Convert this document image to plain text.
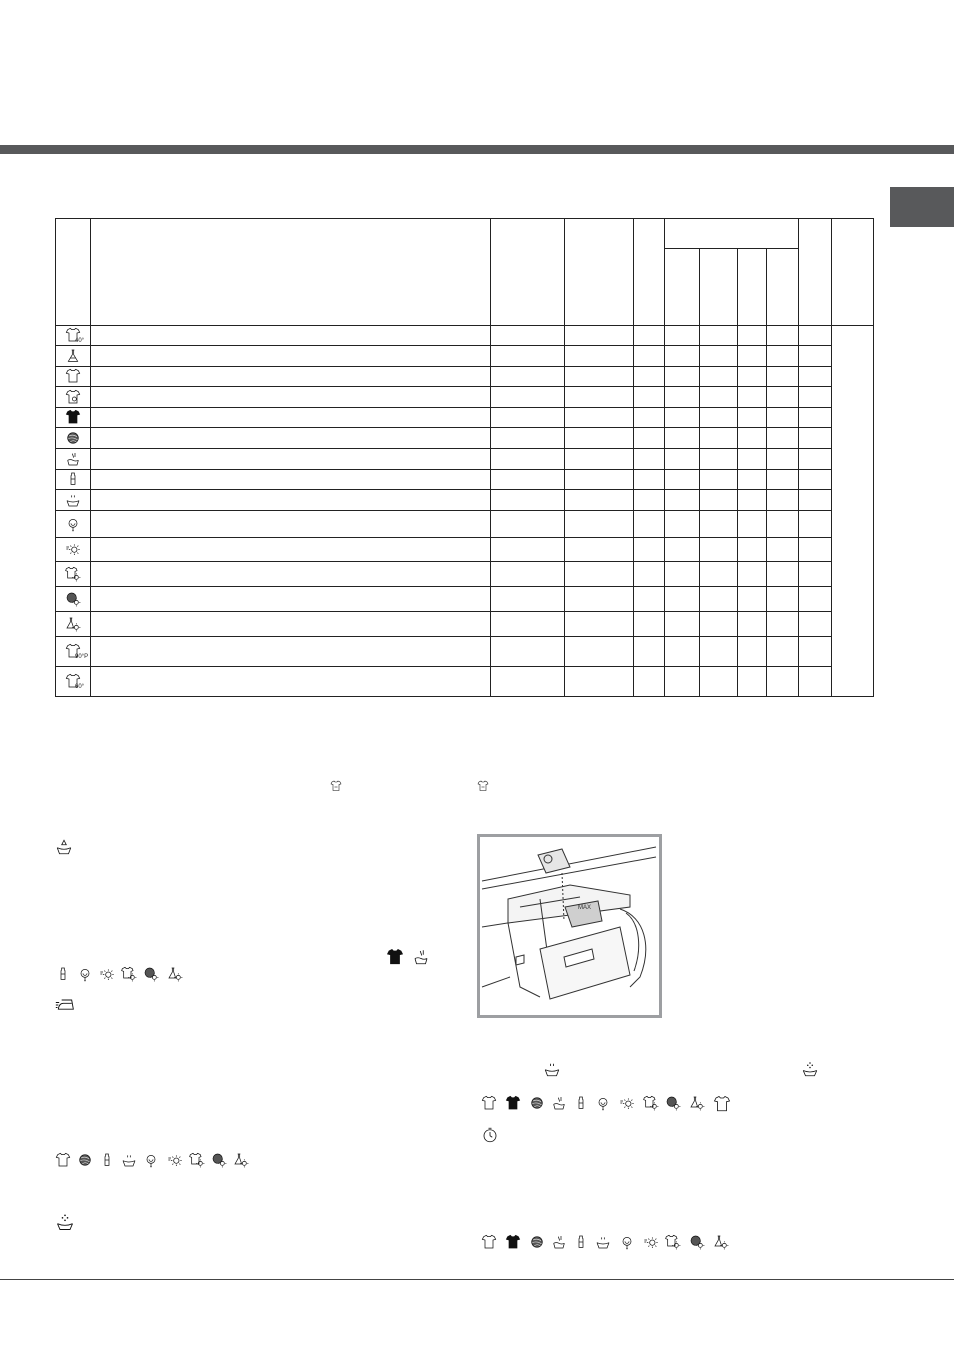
40°
90°P
60°
MAX
